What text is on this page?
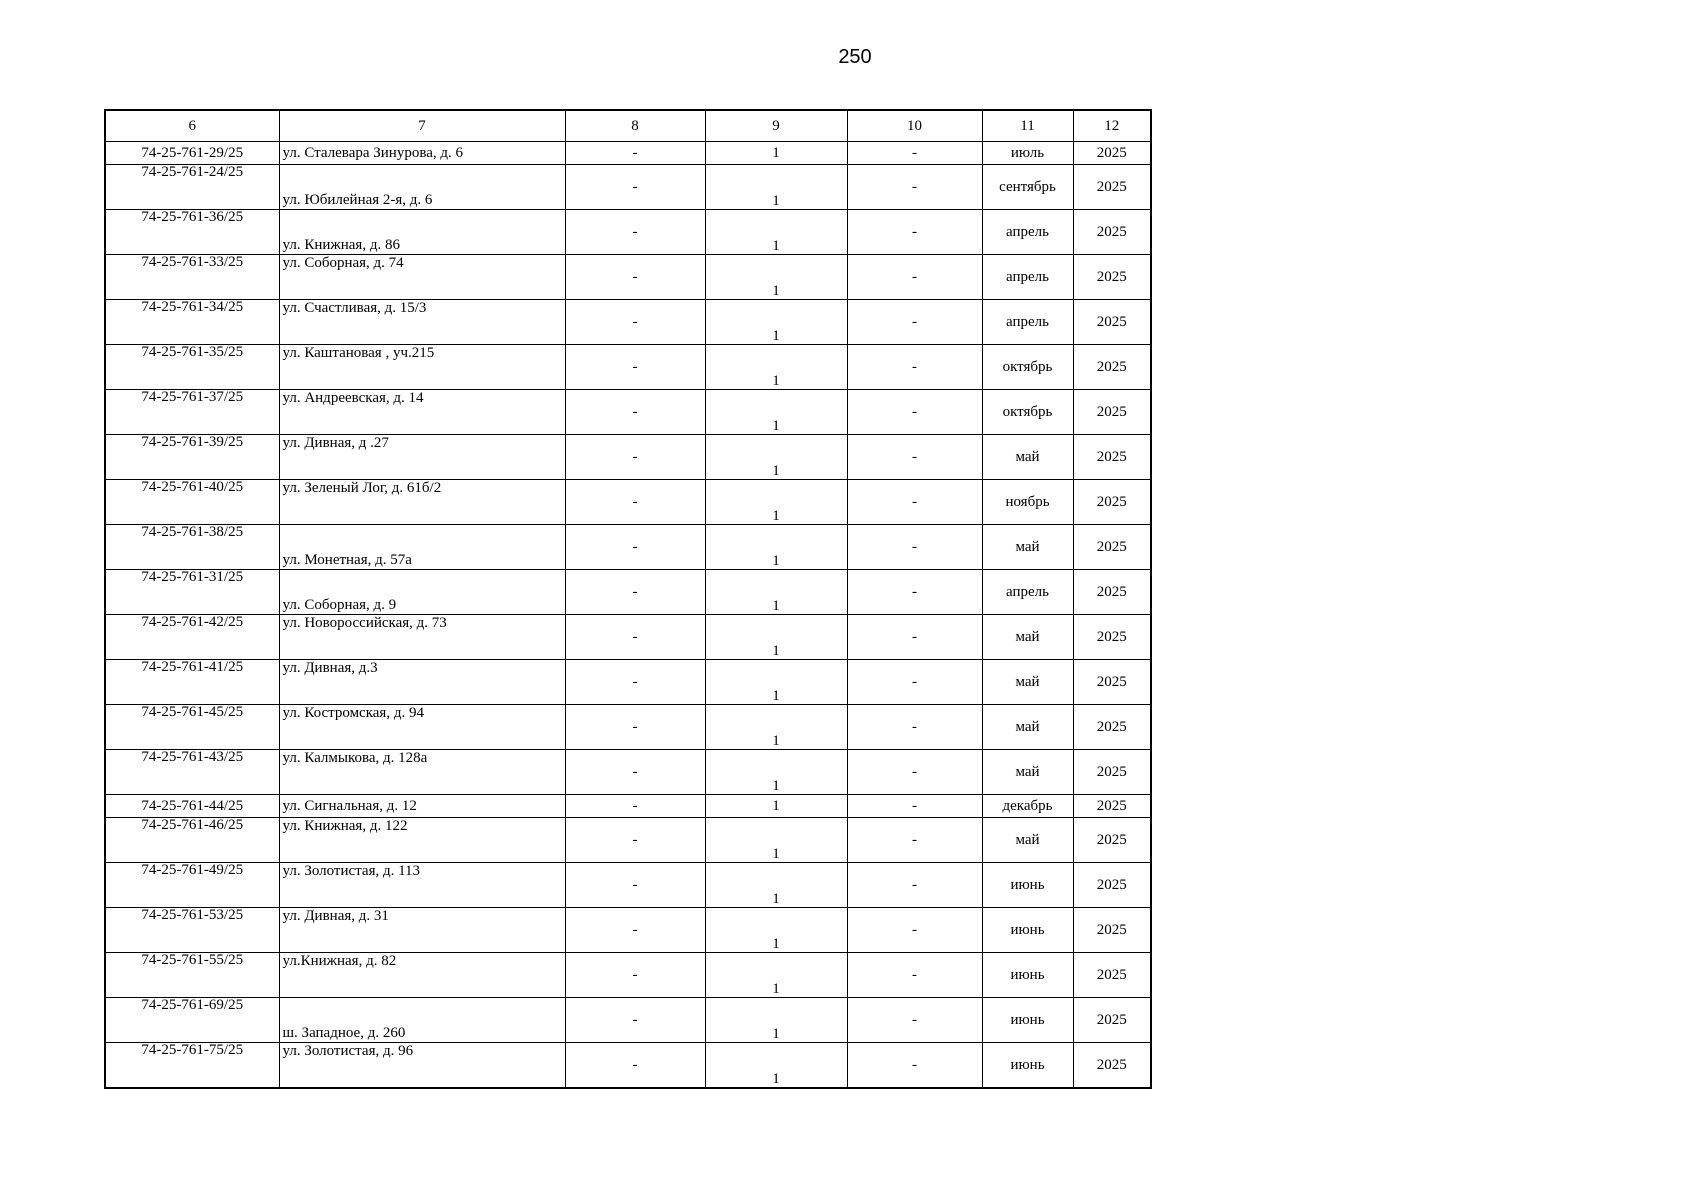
250
6	7	8	9	10	11	12
74-25-761-29/25	ул. Сталевара Зинурова, д. 6	-	1	-	июль	2025
74-25-761-24/25	ул. Юбилейная 2-я, д. 6	-	1	-	сентябрь	2025
74-25-761-36/25	ул. Книжная, д. 86	-	1	-	апрель	2025
74-25-761-33/25	ул. Соборная, д. 74	-	1	-	апрель	2025
74-25-761-34/25	ул. Счастливая, д. 15/3	-	1	-	апрель	2025
74-25-761-35/25	ул. Каштановая , уч.215	-	1	-	октябрь	2025
74-25-761-37/25	ул. Андреевская, д. 14	-	1	-	октябрь	2025
74-25-761-39/25	ул. Дивная, д .27	-	1	-	май	2025
74-25-761-40/25	ул. Зеленый Лог, д. 61б/2	-	1	-	ноябрь	2025
74-25-761-38/25	ул. Монетная, д. 57а	-	1	-	май	2025
74-25-761-31/25	ул. Соборная, д. 9	-	1	-	апрель	2025
74-25-761-42/25	ул. Новороссийская, д. 73	-	1	-	май	2025
74-25-761-41/25	ул. Дивная, д.3	-	1	-	май	2025
74-25-761-45/25	ул. Костромская, д. 94	-	1	-	май	2025
74-25-761-43/25	ул. Калмыкова, д. 128а	-	1	-	май	2025
74-25-761-44/25	ул. Сигнальная, д. 12	-	1	-	декабрь	2025
74-25-761-46/25	ул. Книжная, д. 122	-	1	-	май	2025
74-25-761-49/25	ул. Золотистая, д. 113	-	1	-	июнь	2025
74-25-761-53/25	ул. Дивная, д. 31	-	1	-	июнь	2025
74-25-761-55/25	ул.Книжная, д. 82	-	1	-	июнь	2025
74-25-761-69/25	ш. Западное, д. 260	-	1	-	июнь	2025
74-25-761-75/25	ул. Золотистая, д. 96	-	1	-	июнь	2025
